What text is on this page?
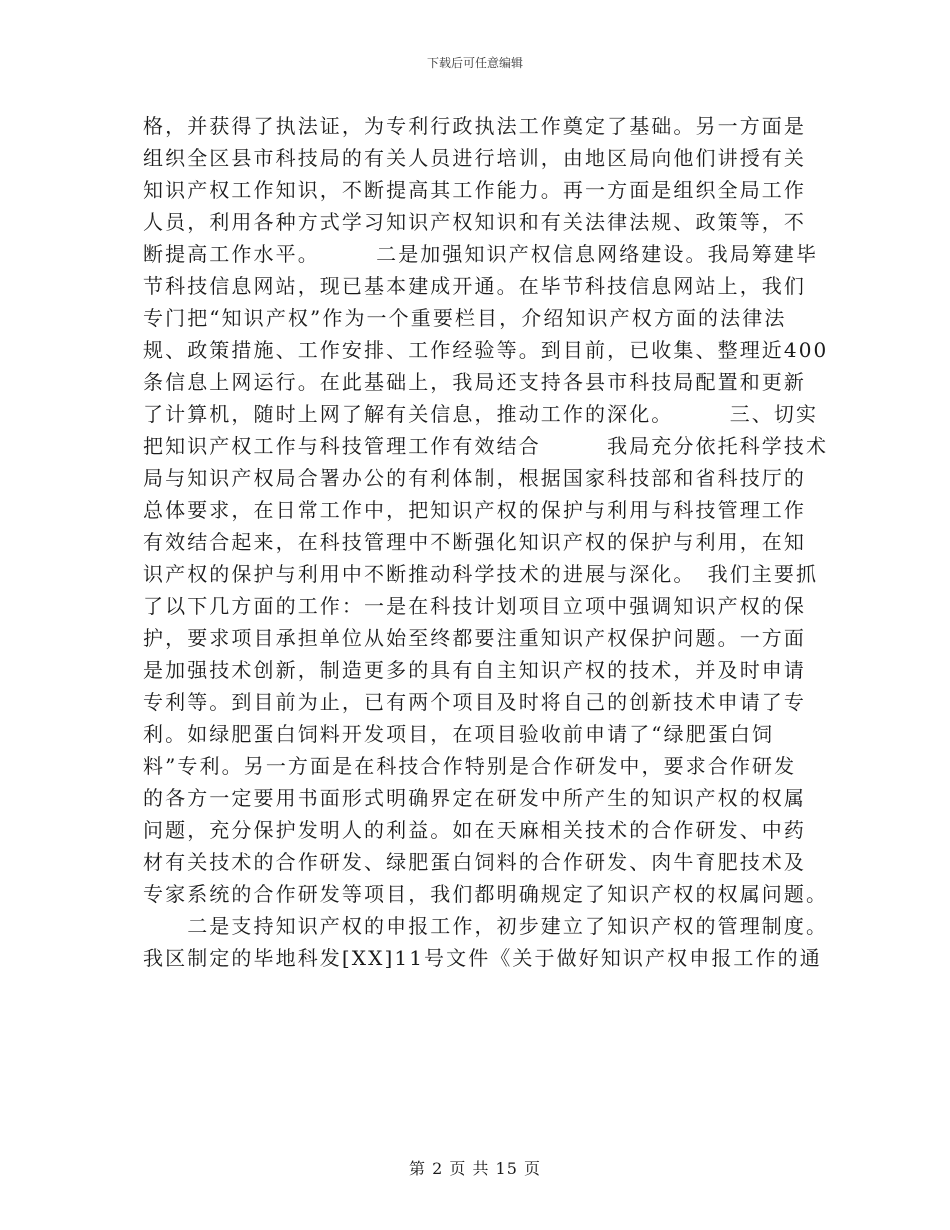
下载后可任意编辑
格，并获得了执法证，为专利行政执法工作奠定了基础。另一方面是
组织全区县市科技局的有关人员进行培训，由地区局向他们讲授有关
知识产权工作知识，不断提高其工作能力。再一方面是组织全局工作
人员，利用各种方式学习知识产权知识和有关法律法规、政策等，不
断提高工作水平。　　　二是加强知识产权信息网络建设。我局筹建毕
节科技信息网站，现已基本建成开通。在毕节科技信息网站上，我们
专门把“知识产权”作为一个重要栏目，介绍知识产权方面的法律法
规、政策措施、工作安排、工作经验等。到目前，已收集、整理近400
条信息上网运行。在此基础上，我局还支持各县市科技局配置和更新
了计算机，随时上网了解有关信息，推动工作的深化。　　　三、切实
把知识产权工作与科技管理工作有效结合　　　我局充分依托科学技术
局与知识产权局合署办公的有利体制，根据国家科技部和省科技厅的
总体要求，在日常工作中，把知识产权的保护与利用与科技管理工作
有效结合起来，在科技管理中不断强化知识产权的保护与利用，在知
识产权的保护与利用中不断推动科学技术的进展与深化。　我们主要抓
了以下几方面的工作：一是在科技计划项目立项中强调知识产权的保
护，要求项目承担单位从始至终都要注重知识产权保护问题。一方面
是加强技术创新，制造更多的具有自主知识产权的技术，并及时申请
专利等。到目前为止，已有两个项目及时将自己的创新技术申请了专
利。如绿肥蛋白饲料开发项目，在项目验收前申请了“绿肥蛋白饲
料”专利。另一方面是在科技合作特别是合作研发中，要求合作研发
的各方一定要用书面形式明确界定在研发中所产生的知识产权的权属
问题，充分保护发明人的利益。如在天麻相关技术的合作研发、中药
材有关技术的合作研发、绿肥蛋白饲料的合作研发、肉牛育肥技术及
专家系统的合作研发等项目，我们都明确规定了知识产权的权属问题。
　　二是支持知识产权的申报工作，初步建立了知识产权的管理制度。
我区制定的毕地科发[XX]11号文件《关于做好知识产权申报工作的通
第 2 页 共 15 页
